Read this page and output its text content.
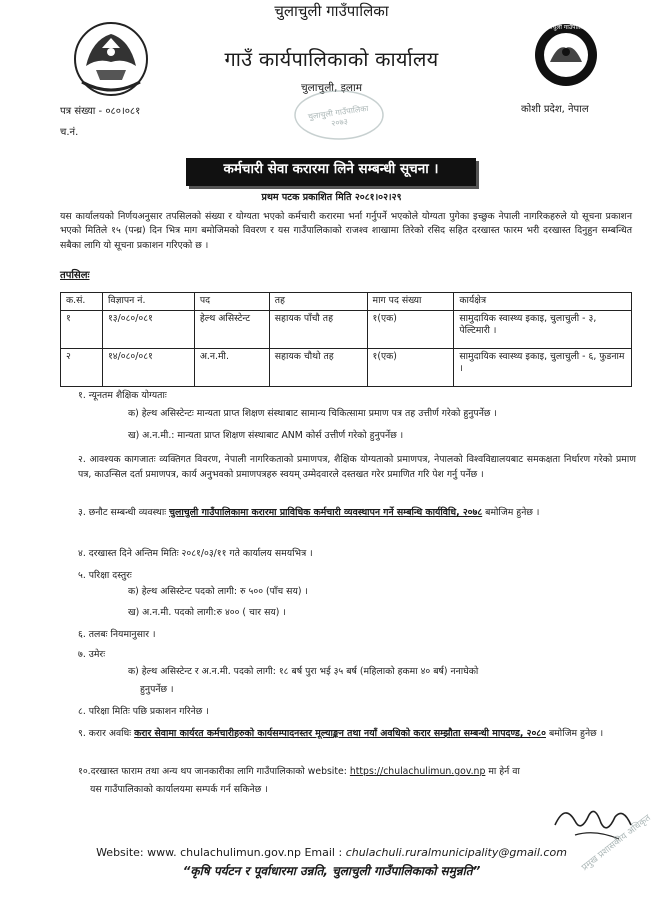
चुलाचुली गाउँपालिका
गाउँ कार्यपालिकाको कार्यालय
चुलाचुली, इलाम
चुलाचुली गाउँपालिका २०७३
चुलाचुली गाउँपालिका
पत्र संख्या - ०८०।०८१
च.नं.
कोशी प्रदेश, नेपाल
कर्मचारी सेवा करारमा लिने सम्बन्धी सूचना ।
प्रथम पटक प्रकाशित मिति २०८१।०२।२९
यस कार्यालयको निर्णयअनुसार तपसिलको संख्या र योग्यता भएको कर्मचारी करारमा भर्ना गर्नुपर्ने भएकोले योग्यता पुगेका इच्छुक नेपाली नागरिकहरुले यो सूचना प्रकाशन भएको मितिले १५ (पन्ध्र) दिन भित्र माग बमोजिमको विवरण र यस गाउँपालिकाको राजश्व शाखामा तिरेको रसिद सहित दरखास्त फारम भरी दरखास्त दिनुहुन सम्बन्धित सबैका लागि यो सूचना प्रकाशन गरिएको छ ।
तपसिलः
क.सं.	विज्ञापन नं.	पद	तह	माग पद संख्या	कार्यक्षेत्र
१	१३/०८०/०८१	हेल्थ असिस्टेन्ट	सहायक पाँचौ तह	१(एक)	सामुदायिक स्वास्थ्य इकाइ, चुलाचुली - ३, पेल्टिमारी ।
२	१४/०८०/०८१	अ.न.मी.	सहायक चौथो तह	१(एक)	सामुदायिक स्वास्थ्य इकाइ, चुलाचुली - ६, फुडनाम ।
१. न्यूनतम शैक्षिक योग्यताः
क) हेल्थ असिस्टेन्टः मान्यता प्राप्त शिक्षण संस्थाबाट सामान्य चिकित्सामा प्रमाण पत्र तह उत्तीर्ण गरेको हुनुपर्नेछ ।
ख) अ.न.मी.: मान्यता प्राप्त शिक्षण संस्थाबाट ANM कोर्स उत्तीर्ण गरेको हुनुपर्नेछ ।
२. आवश्यक कागजातः व्यक्तिगत विवरण, नेपाली नागरिकताको प्रमाणपत्र, शैक्षिक योग्यताको प्रमाणपत्र, नेपालको विश्वविद्यालयबाट समकक्षता निर्धारण गरेको प्रमाण पत्र, काउन्सिल दर्ता प्रमाणपत्र, कार्य अनुभवको प्रमाणपत्रहरु स्वयम् उम्मेदवारले दस्तखत गरेर प्रमाणित गरि पेश गर्नु पर्नेछ ।
३. छनौट सम्बन्धी व्यवस्थाः चुलाचुली गाउँपालिकामा करारमा प्राविधिक कर्मचारी व्यवस्थापन गर्ने सम्बन्धि कार्यविधि, २०७८ बमोजिम हुनेछ ।
४. दरखास्त दिने अन्तिम मितिः २०८१/०३/११ गते कार्यालय समयभित्र ।
५. परिक्षा दस्तुरः
क) हेल्थ असिस्टेन्ट पदको लागी: रु ५०० (पाँच सय) ।
ख) अ.न.मी. पदको लागी:रु ४०० ( चार सय) ।
६. तलबः नियमानुसार ।
७. उमेरः
क) हेल्थ असिस्टेन्ट र अ.न.मी. पदको लागी: १८ बर्ष पुरा भई ३५ बर्ष (महिलाको हकमा ४० बर्ष) ननाघेको
हुनुपर्नेछ ।
८. परिक्षा मितिः पछि प्रकाशन गरिनेछ ।
९. करार अवधिः करार सेवामा कार्यरत कर्मचारीहरुको कार्यसम्पादनस्तर मूल्याङ्कन तथा नयाँ अवधिको करार सम्झौता सम्बन्धी मापदण्ड, २०८० बमोजिम हुनेछ ।
१०.दरखास्त फाराम तथा अन्य थप जानकारीका लागि गाउँपालिकाको website: https://chulachulimun.gov.np मा हेर्न वा
यस गाउँपालिकाको कार्यालयमा सम्पर्क गर्न सकिनेछ ।
प्रमुख प्रशासकीय अधिकृत
Website: www. chulachulimun.gov.np Email : chulachuli.ruralmunicipality@gmail.com
“कृषि पर्यटन र पूर्वाधारमा उन्नति, चुलाचुली गाउँपालिकाको समुन्नति”
